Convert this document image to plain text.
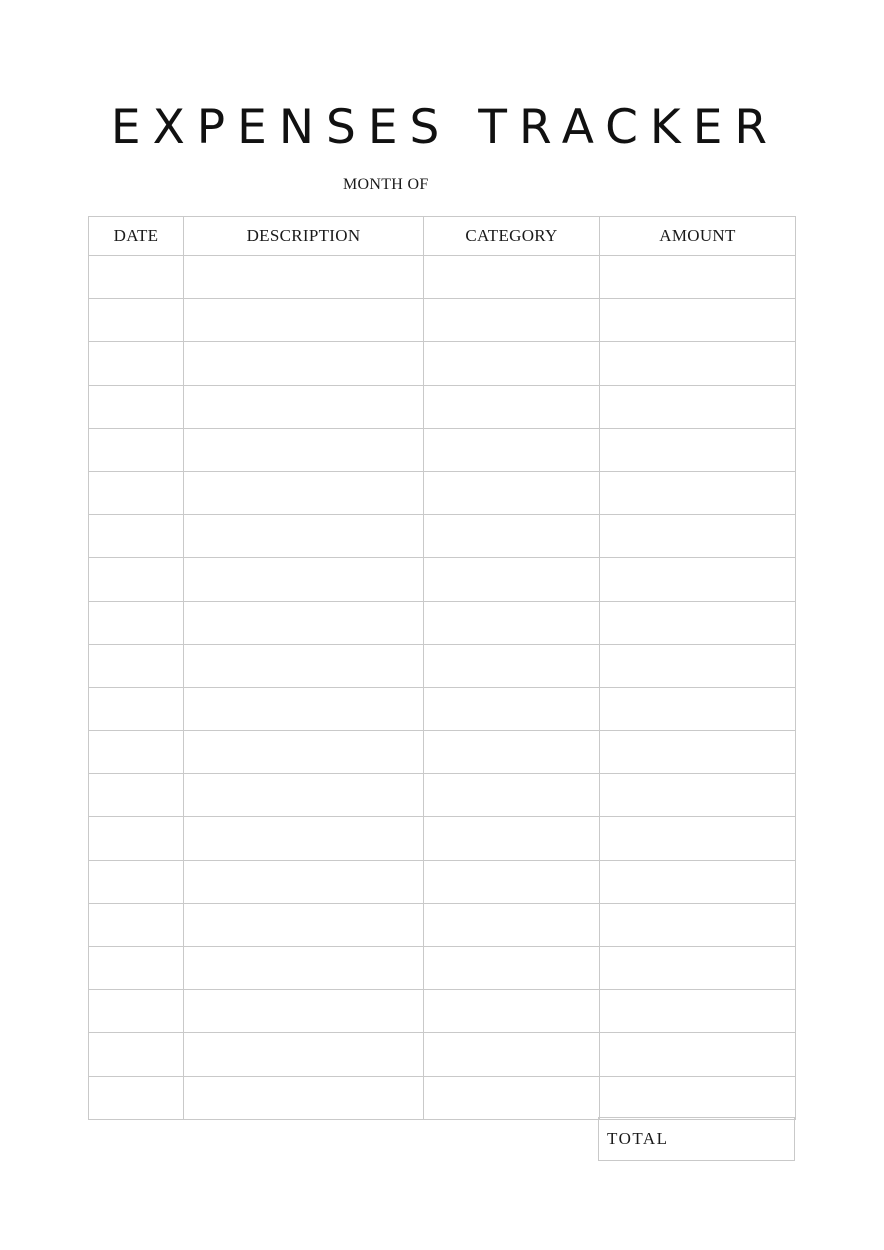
EXPENSES TRACKER
MONTH OF
DATE	DESCRIPTION	CATEGORY	AMOUNT

TOTAL
